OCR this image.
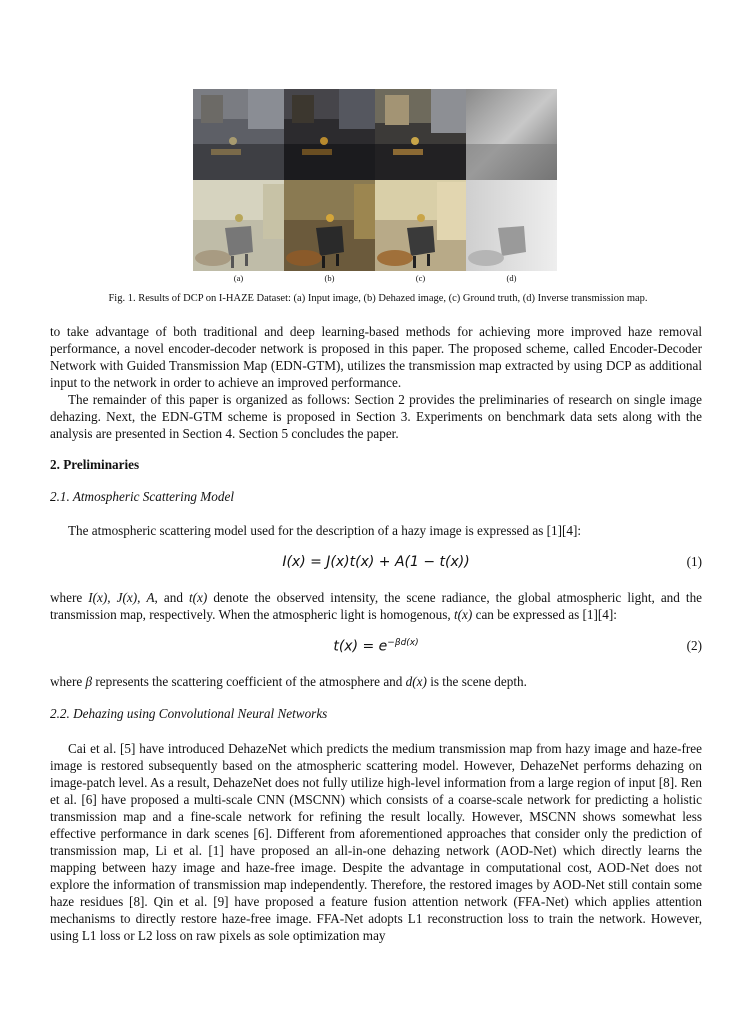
(a)	(b)	(c)	(d)
Fig. 1. Results of DCP on I-HAZE Dataset: (a) Input image, (b) Dehazed image, (c) Ground truth, (d) Inverse transmission map.

to take advantage of both traditional and deep learning-based methods for achieving more improved haze removal performance, a novel encoder-decoder network is proposed in this paper. The proposed scheme, called Encoder-Decoder Network with Guided Transmission Map (EDN-GTM), utilizes the transmission map extracted by using DCP as additional input to the network in order to achieve an improved performance.

The remainder of this paper is organized as follows: Section 2 provides the preliminaries of research on single image dehazing. Next, the EDN-GTM scheme is proposed in Section 3. Experiments on benchmark data sets along with the analysis are presented in Section 4. Section 5 concludes the paper.

2. Preliminaries
2.1. Atmospheric Scattering Model

The atmospheric scattering model used for the description of a hazy image is expressed as [1][4]:

I(x) = J(x)t(x) + A(1 − t(x))	(1)

where I(x), J(x), A, and t(x) denote the observed intensity, the scene radiance, the global atmospheric light, and the transmission map, respectively. When the atmospheric light is homogenous, t(x) can be expressed as [1][4]:

$t(x) = e^{-\beta d(x)}$	(2)

where β represents the scattering coefficient of the atmosphere and d(x) is the scene depth.

2.2. Dehazing using Convolutional Neural Networks

Cai et al. [5] have introduced DehazeNet which predicts the medium transmission map from hazy image and haze-free image is restored subsequently based on the atmospheric scattering model. However, DehazeNet performs dehazing on image-patch level. As a result, DehazeNet does not fully utilize high-level information from a large region of input [8]. Ren et al. [6] have proposed a multi-scale CNN (MSCNN) which consists of a coarse-scale network for predicting a holistic transmission map and a fine-scale network for refining the result locally. However, MSCNN shows somewhat less effective performance in dark scenes [6]. Different from aforementioned approaches that consider only the prediction of transmission map, Li et al. [1] have proposed an all-in-one dehazing network (AOD-Net) which directly learns the mapping between hazy image and haze-free image. Despite the advantage in computational cost, AOD-Net does not explore the information of transmission map independently. Therefore, the restored images by AOD-Net still contain some haze residues [8]. Qin et al. [9] have proposed a feature fusion attention network (FFA-Net) which applies attention mechanisms to directly restore haze-free image. FFA-Net adopts L1 reconstruction loss to train the network. However, using L1 loss or L2 loss on raw pixels as sole optimization may
